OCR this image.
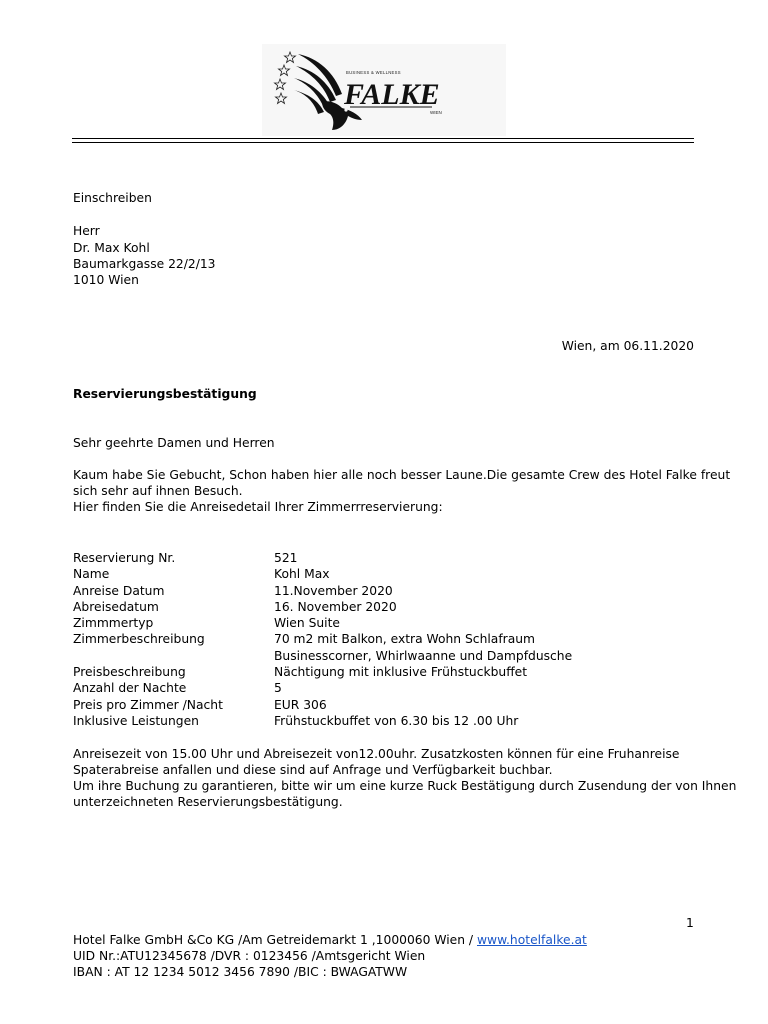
BUSINESS & WELLNESS
FALKE
WIEN
Einschreiben
Herr
Dr. Max Kohl
Baumarkgasse 22/2/13
1010 Wien
Wien, am 06.11.2020
Reservierungsbestätigung
Sehr geehrte Damen und Herren
Kaum habe Sie Gebucht, Schon haben hier alle noch besser Laune.Die gesamte Crew des Hotel Falke freut
sich sehr auf ihnen Besuch.
Hier finden Sie die Anreisedetail Ihrer Zimmerrreservierung:
Reservierung Nr.	521
Name	Kohl Max
Anreise Datum	11.November 2020
Abreisedatum	16. November 2020
Zimmmertyp	Wien Suite
Zimmerbeschreibung	70 m2 mit Balkon, extra Wohn Schlafraum
Businesscorner, Whirlwaanne und Dampfdusche
Preisbeschreibung	Nächtigung mit inklusive Frühstuckbuffet
Anzahl der Nachte	5
Preis pro Zimmer /Nacht	EUR 306
Inklusive Leistungen	Frühstuckbuffet von 6.30 bis 12 .00 Uhr
Anreisezeit von 15.00 Uhr und Abreisezeit von12.00uhr. Zusatzkosten können für eine Fruhanreise
Spaterabreise anfallen und diese sind auf Anfrage und Verfügbarkeit buchbar.
Um ihre Buchung zu garantieren, bitte wir um eine kurze Ruck Bestätigung durch Zusendung der von Ihnen
unterzeichneten Reservierungsbestätigung.
1
Hotel Falke GmbH &Co KG /Am Getreidemarkt 1 ,1000060 Wien / www.hotelfalke.at
UID Nr.:ATU12345678 /DVR : 0123456 /Amtsgericht Wien
IBAN : AT 12 1234 5012 3456 7890 /BIC : BWAGATWW
